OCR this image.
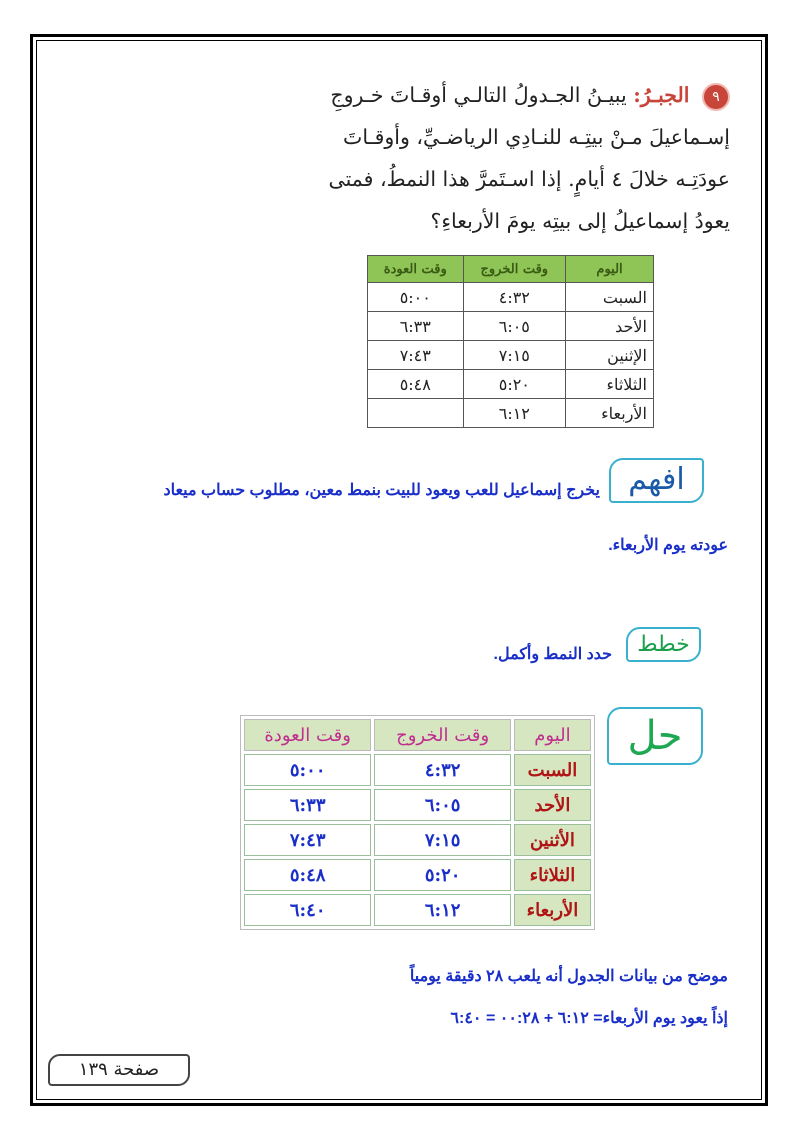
٩ الجبـرُ: يبيـنُ الجـدولُ التالـي أوقـاتَ خـروجِ

إسـماعيلَ مـنْ بيتِـه للنـادِي الرياضـيِّ، وأوقـاتَ

عودَتِـه خلالَ ٤ أيامٍ. إذا اسـتَمرَّ هذا النمطُ، فمتى

يعودُ إسماعيلُ إلى بيتِه يومَ الأربعاءِ؟

اليوم	وقت الخروج	وقت العودة
السبت	٤:٣٢	٥:٠٠
الأحد	٦:٠٥	٦:٣٣
الإثنين	٧:١٥	٧:٤٣
الثلاثاء	٥:٢٠	٥:٤٨
الأربعاء	٦:١٢	
افهم
يخرج إسماعيل للعب ويعود للبيت بنمط معين، مطلوب حساب ميعاد
عودته يوم الأربعاء.
خطط
حدد النمط وأكمل.
حل
اليوم	وقت الخروج	وقت العودة
السبت	٤:٣٢	٥:٠٠
الأحد	٦:٠٥	٦:٣٣
الأثنين	٧:١٥	٧:٤٣
الثلاثاء	٥:٢٠	٥:٤٨
الأربعاء	٦:١٢	٦:٤٠
موضح من بيانات الجدول أنه يلعب ٢٨ دقيقة يومياً
إذاً يعود يوم الأربعاء= ٦:١٢ + ٠٠:٢٨ = ٦:٤٠
صفحة ١٣٩
